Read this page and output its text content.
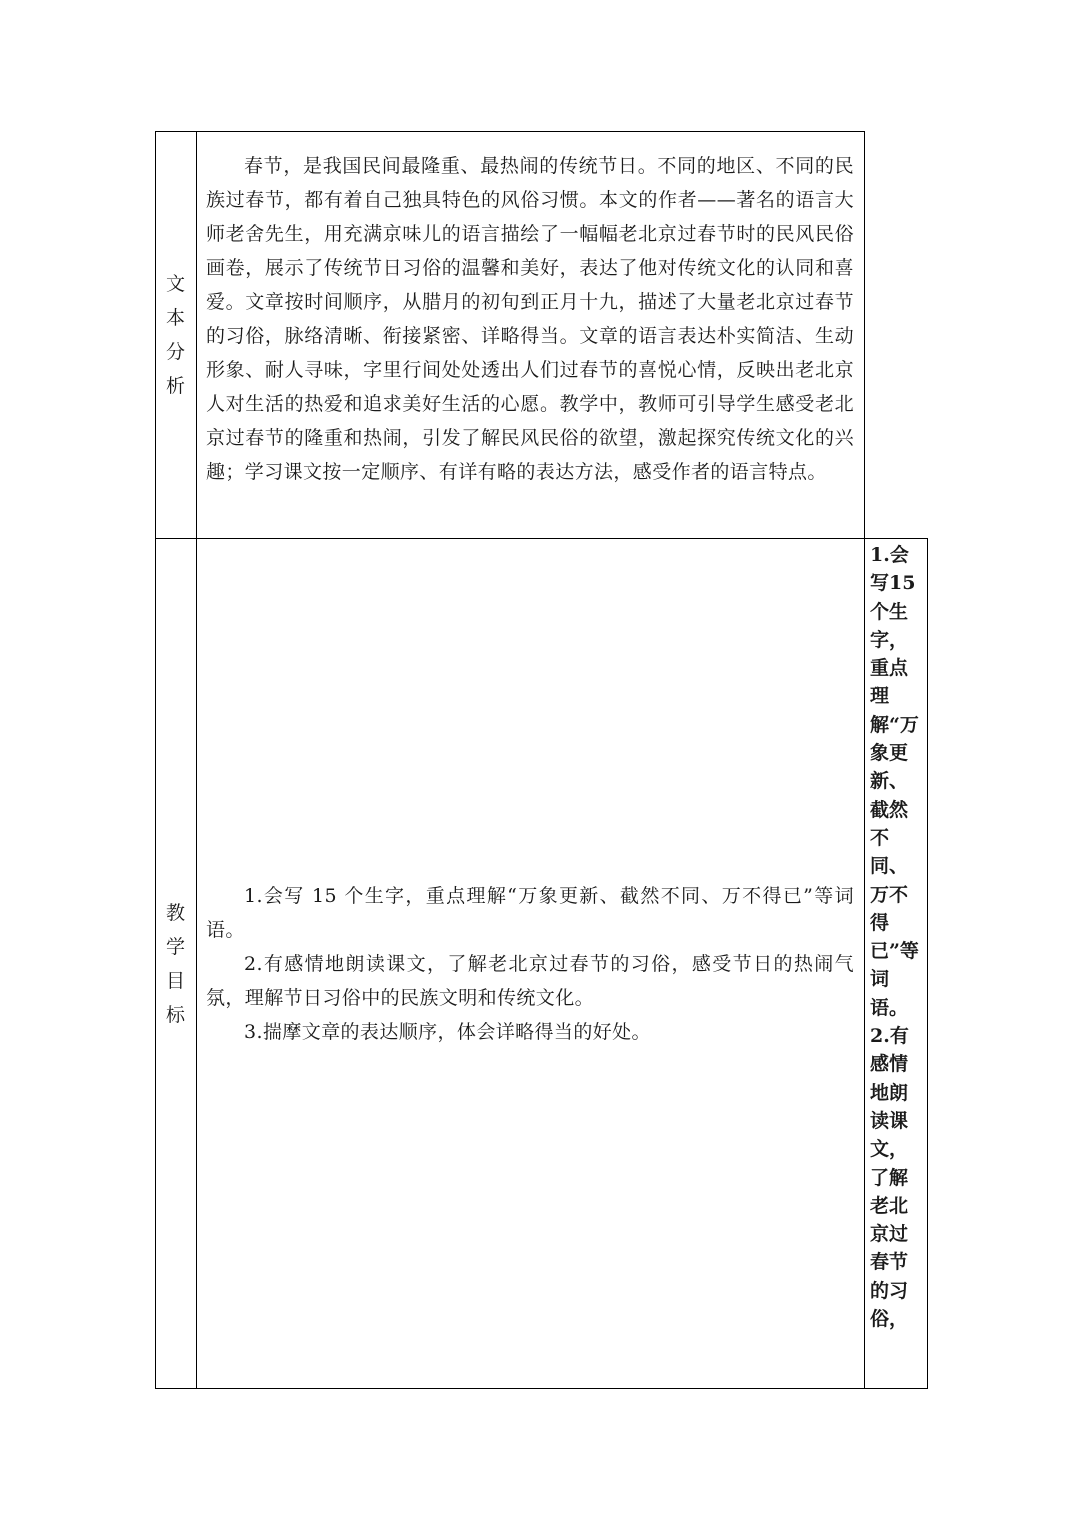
文
本
分
析

春节，是我国民间最隆重、最热闹的传统节日。不同的地区、不同的民族过春节，都有着自己独具特色的风俗习惯。本文的作者——著名的语言大师老舍先生，用充满京味儿的语言描绘了一幅幅老北京过春节时的民风民俗画卷，展示了传统节日习俗的温馨和美好，表达了他对传统文化的认同和喜爱。文章按时间顺序，从腊月的初旬到正月十九，描述了大量老北京过春节的习俗，脉络清晰、衔接紧密、详略得当。文章的语言表达朴实简洁、生动形象、耐人寻味，字里行间处处透出人们过春节的喜悦心情，反映出老北京人对生活的热爱和追求美好生活的心愿。教学中，教师可引导学生感受老北京过春节的隆重和热闹，引发了解民风民俗的欲望，激起探究传统文化的兴趣；学习课文按一定顺序、有详有略的表达方法，感受作者的语言特点。

教
学
目
标

1.会写 15 个生字，重点理解“万象更新、截然不同、万不得已”等词语。

2.有感情地朗读课文，了解老北京过春节的习俗，感受节日的热闹气氛，理解节日习俗中的民族文明和传统文化。

3.揣摩文章的表达顺序，体会详略得当的好处。

1.会写15个生字，重点理解“万象更新、截然不同、万不得已”等词语。2.有感情地朗读课文，了解老北京过春节的习俗，
